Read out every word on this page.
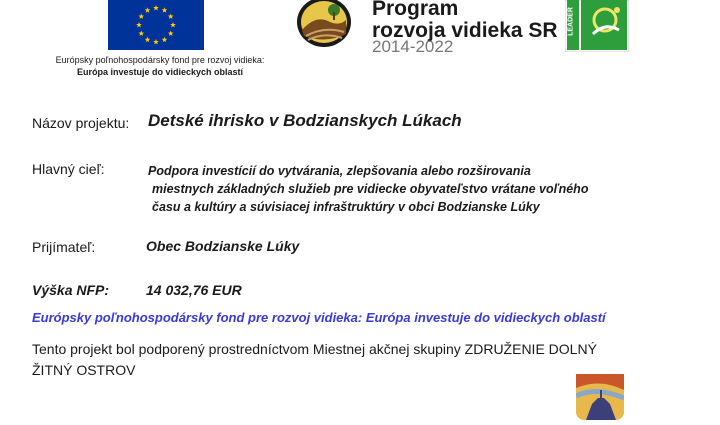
Európsky poľnohospodársky fond pre rozvoj vidieka:
Európa investuje do vidieckych oblastí
Program
rozvoja vidieka SR
2014-2022
LEADER
Názov projektu: Detské ihrisko v Bodzianskych Lúkach
Hlavný cieľ:	Podpora investícií do vytvárania, zlepšovania alebo rozširovania
miestnych základných služieb pre vidiecke obyvateľstvo vrátane voľného
času a kultúry a súvisiacej infraštruktúry v obci Bodzianske Lúky
Prijímateľ:	Obec Bodzianske Lúky
Výška NFP:	14 032,76 EUR
Európsky poľnohospodársky fond pre rozvoj vidieka: Európa investuje do vidieckych oblastí
Tento projekt bol podporený prostredníctvom Miestnej akčnej skupiny ZDRUŽENIE DOLNÝ
ŽITNÝ OSTROV
